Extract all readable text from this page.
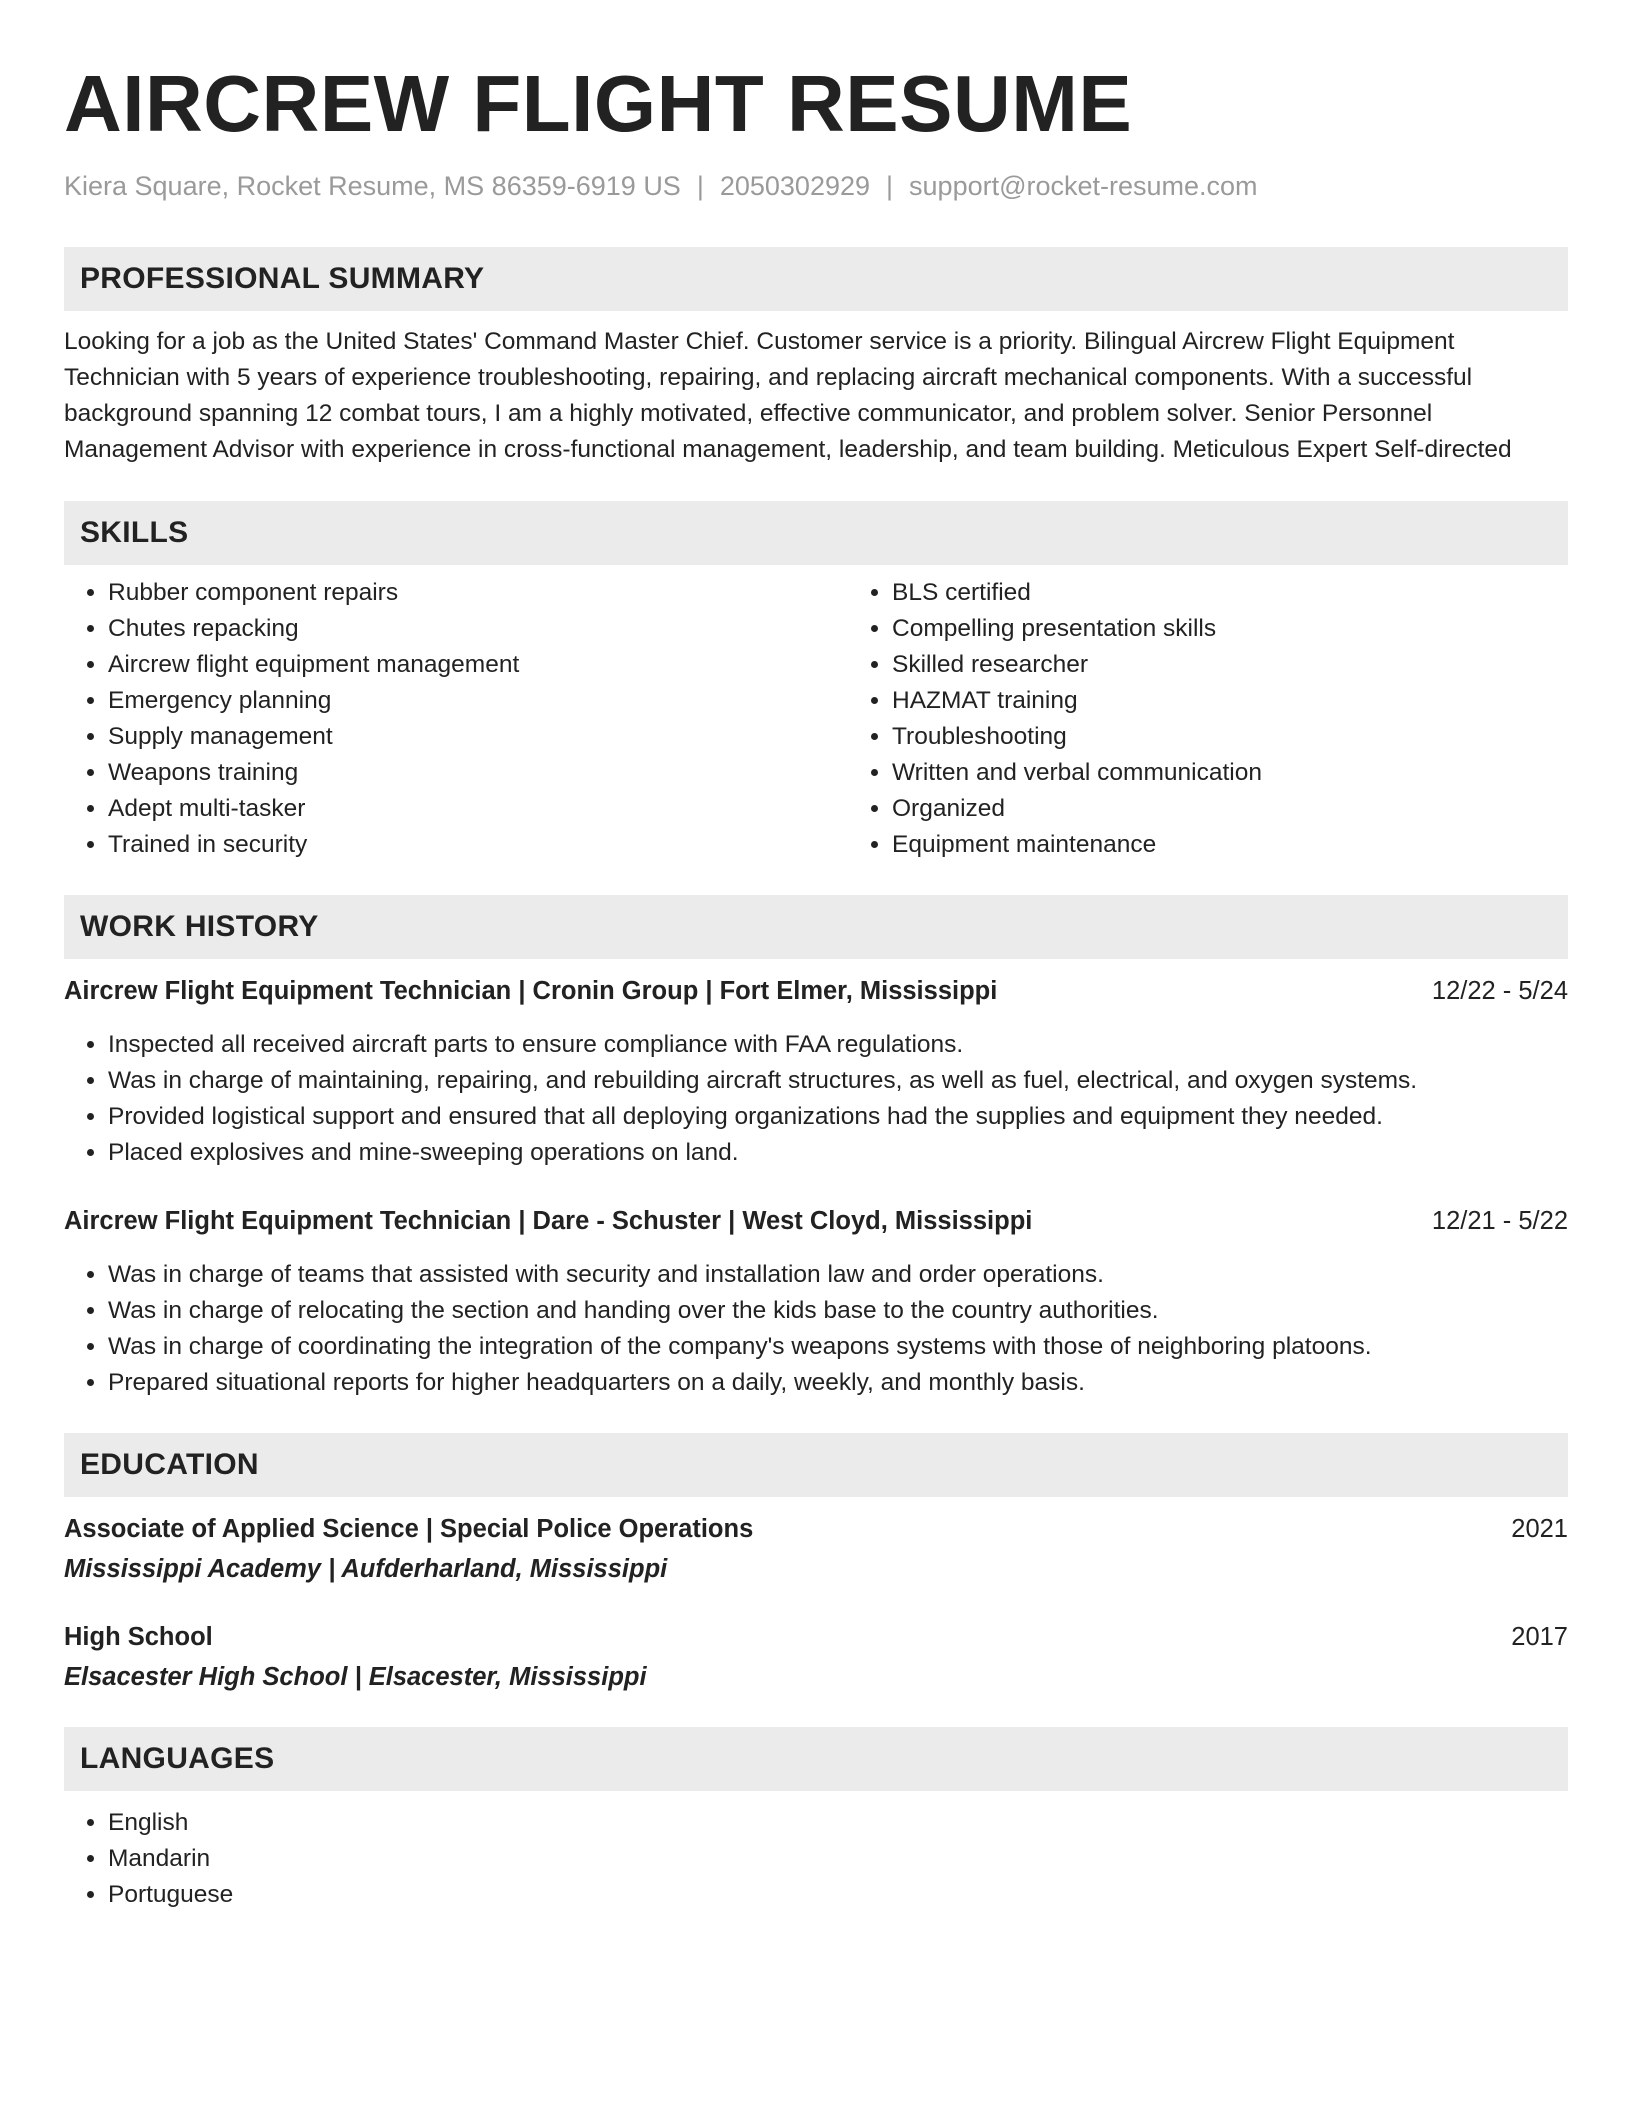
AIRCREW FLIGHT RESUME
Kiera Square, Rocket Resume, MS 86359-6919 US | 2050302929 | support@rocket-resume.com
PROFESSIONAL SUMMARY
Looking for a job as the United States' Command Master Chief. Customer service is a priority. Bilingual Aircrew Flight Equipment Technician with 5 years of experience troubleshooting, repairing, and replacing aircraft mechanical components. With a successful background spanning 12 combat tours, I am a highly motivated, effective communicator, and problem solver. Senior Personnel Management Advisor with experience in cross-functional management, leadership, and team building. Meticulous Expert Self-directed
SKILLS
• Rubber component repairs
• Chutes repacking
• Aircrew flight equipment management
• Emergency planning
• Supply management
• Weapons training
• Adept multi-tasker
• Trained in security
• BLS certified
• Compelling presentation skills
• Skilled researcher
• HAZMAT training
• Troubleshooting
• Written and verbal communication
• Organized
• Equipment maintenance
WORK HISTORY
Aircrew Flight Equipment Technician | Cronin Group | Fort Elmer, Mississippi	12/22 - 5/24
• Inspected all received aircraft parts to ensure compliance with FAA regulations.
• Was in charge of maintaining, repairing, and rebuilding aircraft structures, as well as fuel, electrical, and oxygen systems.
• Provided logistical support and ensured that all deploying organizations had the supplies and equipment they needed.
• Placed explosives and mine-sweeping operations on land.
Aircrew Flight Equipment Technician | Dare - Schuster | West Cloyd, Mississippi	12/21 - 5/22
• Was in charge of teams that assisted with security and installation law and order operations.
• Was in charge of relocating the section and handing over the kids base to the country authorities.
• Was in charge of coordinating the integration of the company's weapons systems with those of neighboring platoons.
• Prepared situational reports for higher headquarters on a daily, weekly, and monthly basis.
EDUCATION
Associate of Applied Science | Special Police Operations	2021
Mississippi Academy | Aufderharland, Mississippi
High School	2017
Elsacester High School | Elsacester, Mississippi
LANGUAGES
• English
• Mandarin
• Portuguese
